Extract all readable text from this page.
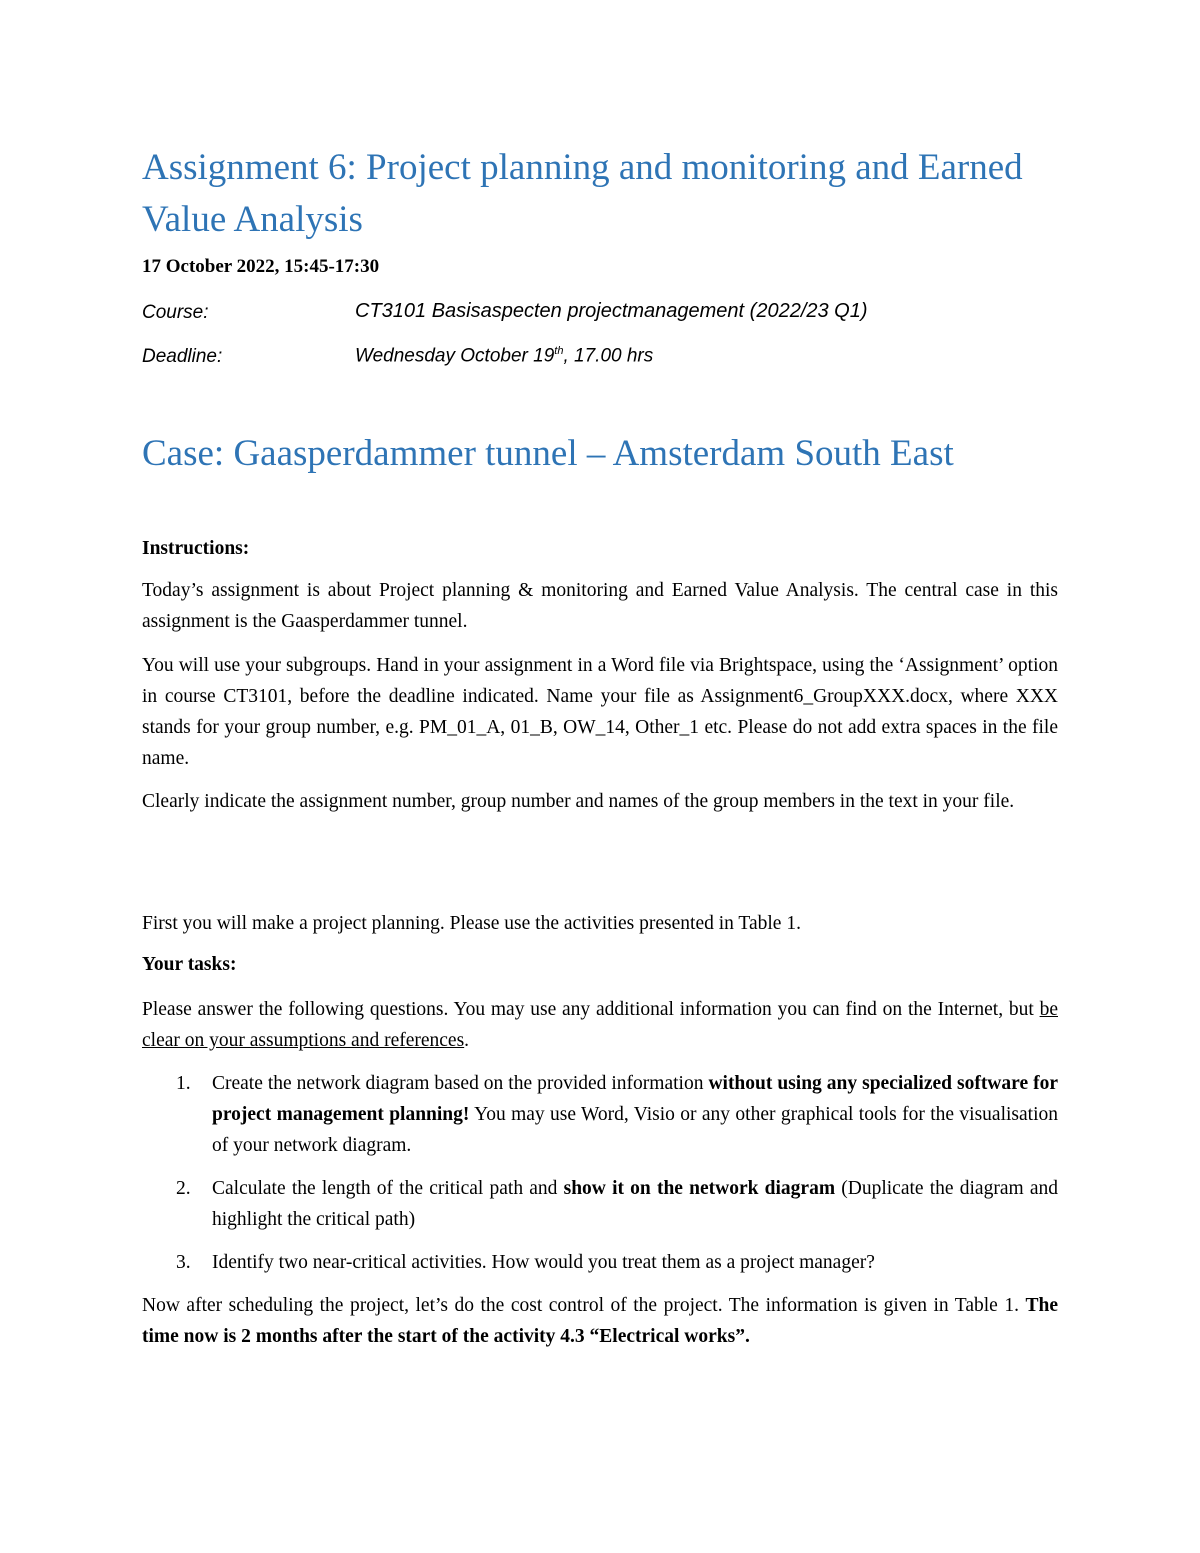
Assignment 6: Project planning and monitoring and Earned Value Analysis
17 October 2022, 15:45-17:30
Course:	CT3101 Basisaspecten projectmanagement (2022/23 Q1)
Deadline:	Wednesday October 19th, 17.00 hrs
Case: Gaasperdammer tunnel – Amsterdam South East
Instructions:

Today’s assignment is about Project planning & monitoring and Earned Value Analysis. The central case in this assignment is the Gaasperdammer tunnel.

You will use your subgroups. Hand in your assignment in a Word file via Brightspace, using the ‘Assignment’ option in course CT3101, before the deadline indicated. Name your file as Assignment6_GroupXXX.docx, where XXX stands for your group number, e.g. PM_01_A, 01_B, OW_14, Other_1 etc. Please do not add extra spaces in the file name.

Clearly indicate the assignment number, group number and names of the group members in the text in your file.

First you will make a project planning. Please use the activities presented in Table 1.

Your tasks:

Please answer the following questions. You may use any additional information you can find on the Internet, but be clear on your assumptions and references.

1. Create the network diagram based on the provided information without using any specialized software for project management planning! You may use Word, Visio or any other graphical tools for the visualisation of your network diagram.
2. Calculate the length of the critical path and show it on the network diagram (Duplicate the diagram and highlight the critical path)
3. Identify two near-critical activities. How would you treat them as a project manager?

Now after scheduling the project, let’s do the cost control of the project. The information is given in Table 1. The time now is 2 months after the start of the activity 4.3 “Electrical works”.
